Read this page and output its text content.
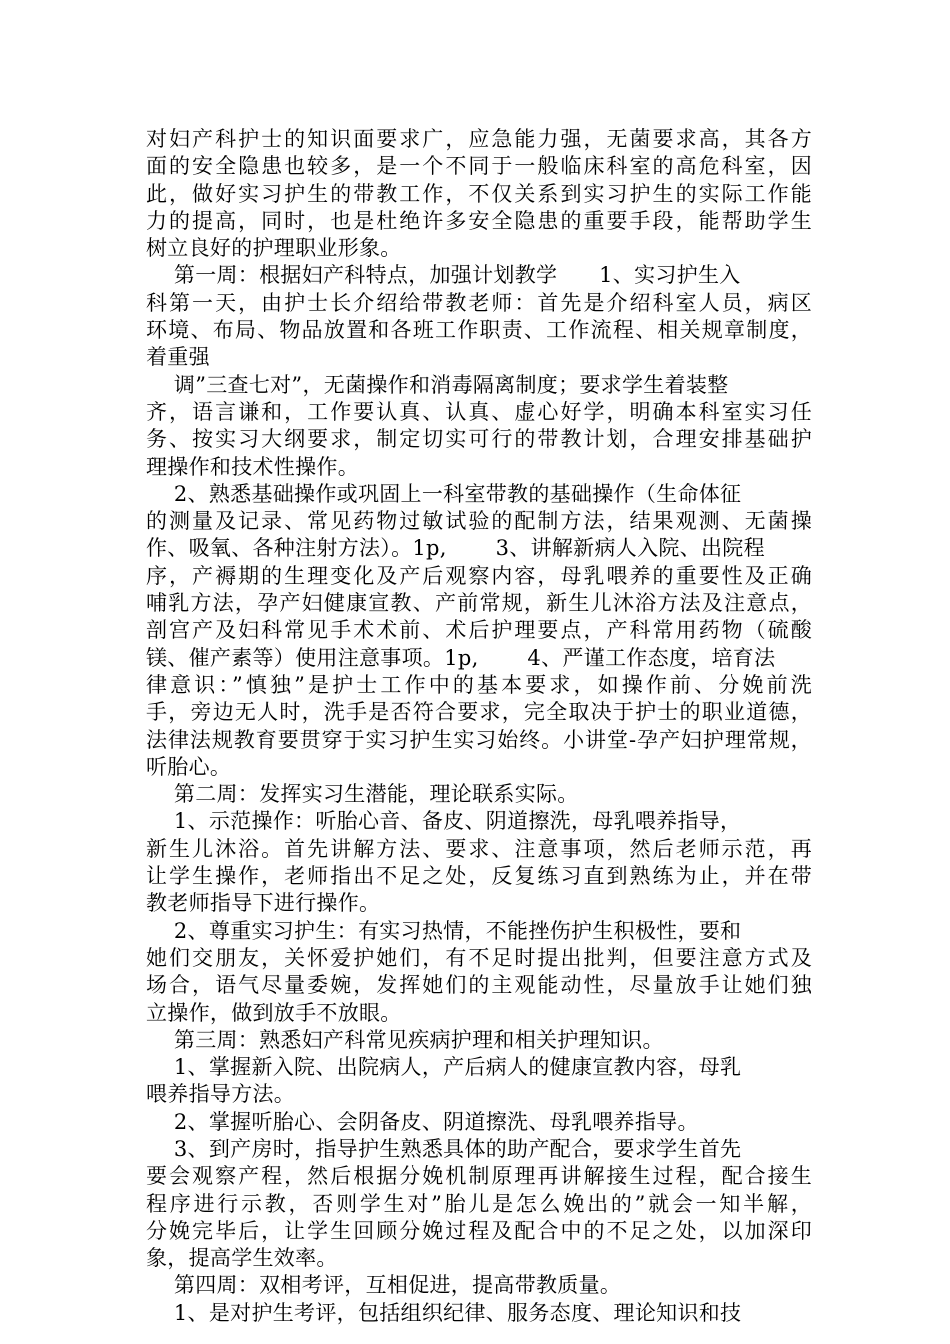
对妇产科护士的知识面要求广，应急能力强，无菌要求高，其各方
面的安全隐患也较多，是一个不同于一般临床科室的高危科室，因
此，做好实习护生的带教工作，不仅关系到实习护生的实际工作能
力的提高，同时，也是杜绝许多安全隐患的重要手段，能帮助学生
树立良好的护理职业形象。
第一周：根据妇产科特点，加强计划教学      1、实习护生入
科第一天，由护士长介绍给带教老师：首先是介绍科室人员，病区
环境、布局、物品放置和各班工作职责、工作流程、相关规章制度，
着重强
调”三查七对”，无菌操作和消毒隔离制度；要求学生着装整
齐，语言谦和，工作要认真、认真、虚心好学，明确本科室实习任
务、按实习大纲要求，制定切实可行的带教计划，合理安排基础护
理操作和技术性操作。
2、熟悉基础操作或巩固上一科室带教的基础操作（生命体征
的测量及记录、常见药物过敏试验的配制方法，结果观测、无菌操
作、吸氧、各种注射方法）。1p,       3、讲解新病人入院、出院程
序，产褥期的生理变化及产后观察内容，母乳喂养的重要性及正确
哺乳方法，孕产妇健康宣教、产前常规，新生儿沐浴方法及注意点，
剖宫产及妇科常见手术术前、术后护理要点，产科常用药物（硫酸
镁、催产素等）使用注意事项。1p,       4、严谨工作态度，培育法
律意识：”慎独”是护士工作中的基本要求，如操作前、分娩前洗
手，旁边无人时，洗手是否符合要求，完全取决于护士的职业道德，
法律法规教育要贯穿于实习护生实习始终。小讲堂-孕产妇护理常规，
听胎心。
第二周：发挥实习生潜能，理论联系实际。
1、示范操作：听胎心音、备皮、阴道擦洗，母乳喂养指导，
新生儿沐浴。首先讲解方法、要求、注意事项，然后老师示范，再
让学生操作，老师指出不足之处，反复练习直到熟练为止，并在带
教老师指导下进行操作。
2、尊重实习护生：有实习热情，不能挫伤护生积极性，要和
她们交朋友，关怀爱护她们，有不足时提出批判，但要注意方式及
场合，语气尽量委婉，发挥她们的主观能动性，尽量放手让她们独
立操作，做到放手不放眼。
第三周：熟悉妇产科常见疾病护理和相关护理知识。
1、掌握新入院、出院病人，产后病人的健康宣教内容，母乳
喂养指导方法。
2、掌握听胎心、会阴备皮、阴道擦洗、母乳喂养指导。
3、到产房时，指导护生熟悉具体的助产配合，要求学生首先
要会观察产程，然后根据分娩机制原理再讲解接生过程，配合接生
程序进行示教，否则学生对”胎儿是怎么娩出的”就会一知半解，
分娩完毕后，让学生回顾分娩过程及配合中的不足之处，以加深印
象，提高学生效率。
第四周：双相考评，互相促进，提高带教质量。
1、是对护生考评，包括组织纪律、服务态度、理论知识和技
